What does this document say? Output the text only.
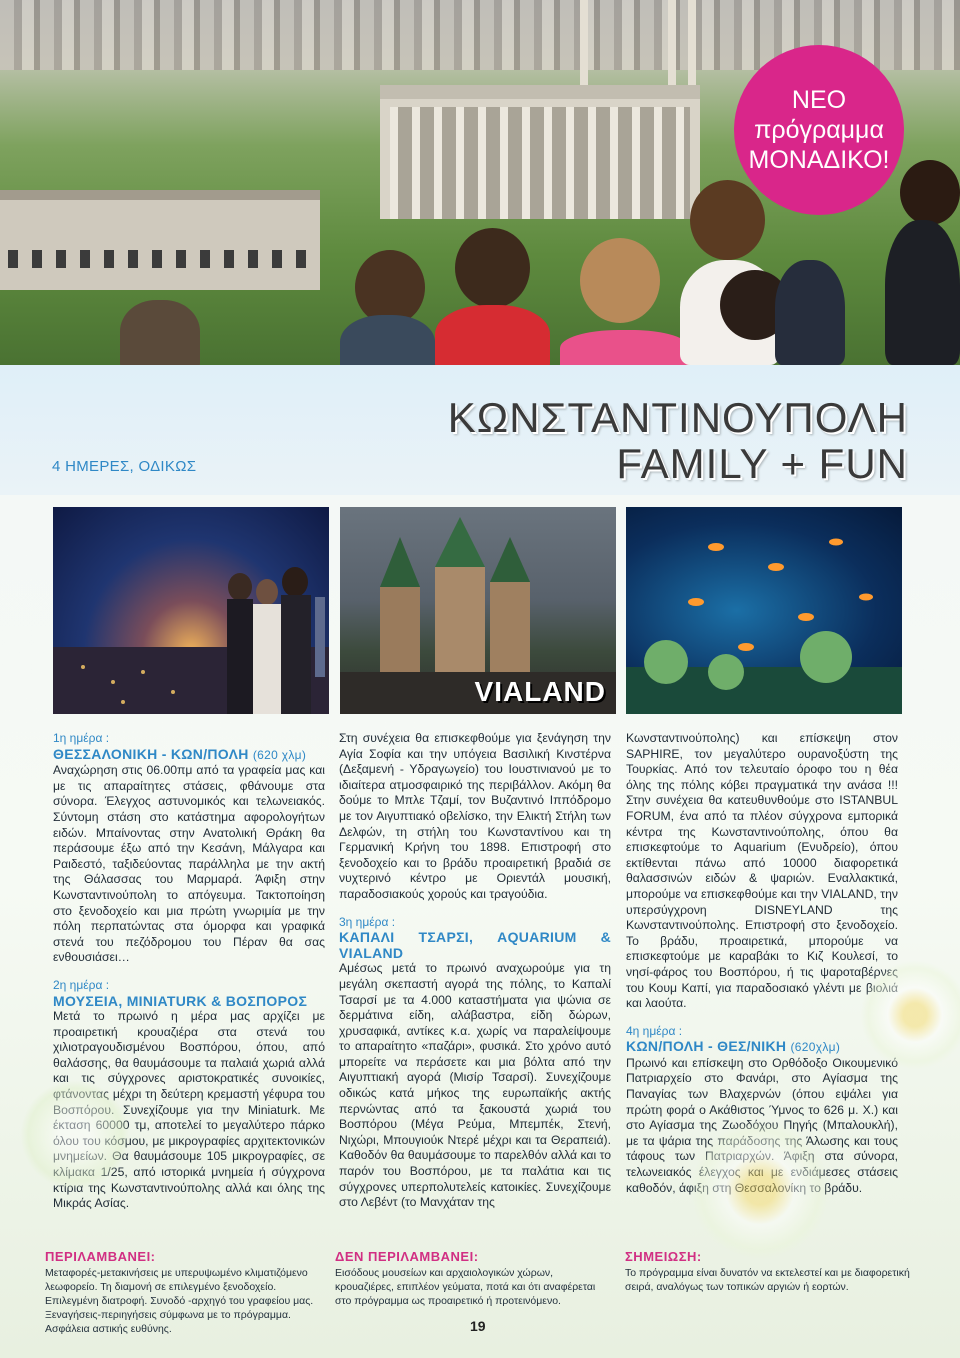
ΝΕΟ
πρόγραμμα
ΜΟΝΑΔΙΚΟ!
4 ΗΜΕΡΕΣ, ΟΔΙΚΩΣ
ΚΩΝΣΤΑΝΤΙΝΟΥΠΟΛΗ
FAMILY + FUN
VIALAND
1η ημέρα :
ΘΕΣΣΑΛΟΝΙΚΗ - ΚΩΝ/ΠΟΛΗ (620 χλμ)

Αναχώρηση στις 06.00πμ από τα γραφεία μας και με τις απαραίτητες στάσεις, φθάνουμε στα σύνορα. Έλεγχος αστυνομικός και τελωνειακός. Σύντομη στάση στο κατάστημα αφορολογήτων ειδών. Μπαίνοντας στην Ανατολική Θράκη θα περάσουμε έξω από την Κεσάνη, Μάλγαρα και Ραιδεστό, ταξιδεύοντας παράλληλα με την ακτή της Θάλασσας του Μαρμαρά. Άφιξη στην Κωνσταντινούπολη το απόγευμα. Τακτοποίηση στο ξενοδοχείο και μια πρώτη γνωριμία με την πόλη περπατώντας στα όμορφα και γραφικά στενά του πεζόδρομου του Πέραν θα σας ενθουσιάσει…

2η ημέρα :
ΜΟΥΣΕΙΑ, MINIATURK & ΒΟΣΠΟΡΟΣ

Μετά το πρωινό η μέρα μας αρχίζει με προαιρετική κρουαζιέρα στα στενά του χιλιοτραγουδισμένου Βοσπόρου, όπου, από θαλάσσης, θα θαυμάσουμε τα παλαιά χωριά αλλά και τις σύγχρονες αριστοκρατικές συνοικίες, φτάνοντας μέχρι τη δεύτερη κρεμαστή γέφυρα του Βοσπόρου. Συνεχίζουμε για την Miniaturk. Με έκταση 60000 τμ, αποτελεί το μεγαλύτερο πάρκο όλου του κόσμου, με μικρογραφίες αρχιτεκτονικών μνημείων. Θα θαυμάσουμε 105 μικρογραφίες, σε κλίμακα 1/25, από ιστορικά μνημεία ή σύγχρονα κτίρια της Κωνσταντινούπολης αλλά και όλης της Μικράς Ασίας.

Στη συνέχεια θα επισκεφθούμε για ξενάγηση την Αγία Σοφία και την υπόγεια Βασιλική Κινστέρνα (Δεξαμενή - Υδραγωγείο) του Ιουστινιανού με το ιδιαίτερα ατμοσφαιρικό της περιβάλλον. Ακόμη θα δούμε το Μπλε Τζαμί, τον Βυζαντινό Ιππόδρομο με τον Αιγυπτιακό οβελίσκο, την Ελικτή Στήλη των Δελφών, τη στήλη του Κωνσταντίνου και τη Γερμανική Κρήνη του 1898. Επιστροφή στο ξενοδοχείο και το βράδυ προαιρετική βραδιά σε νυχτερινό κέντρο με Οριεντάλ μουσική, παραδοσιακούς χορούς και τραγούδια.

3η ημέρα :
ΚΑΠΑΛΙ ΤΣΑΡΣΙ, AQUARIUM & VIALAND

Αμέσως μετά το πρωινό αναχωρούμε για τη μεγάλη σκεπαστή αγορά της πόλης, το Καπαλί Τσαρσί με τα 4.000 καταστήματα για ψώνια σε δερμάτινα είδη, αλάβαστρα, είδη δώρων, χρυσαφικά, αντίκες κ.α. χωρίς να παραλείψουμε το απαραίτητο «παζάρι», φυσικά. Στο χρόνο αυτό μπορείτε να περάσετε και μια βόλτα από την Αιγυπτιακή αγορά (Μισίρ Τσαρσί). Συνεχίζουμε οδικώς κατά μήκος της ευρωπαϊκής ακτής περνώντας από τα ξακουστά χωριά του Βοσπόρου (Μέγα Ρεύμα, Μπεμπέκ, Στενή, Νιχώρι, Μπουγιούκ Ντερέ μέχρι και τα Θεραπειά). Καθοδόν θα θαυμάσουμε το παρελθόν αλλά και το παρόν του Βοσπόρου, με τα παλάτια και τις σύγχρονες υπερπολυτελείς κατοικίες. Συνεχίζουμε στο Λεβέντ (το Μανχάταν της

Κωνσταντινούπολης) και επίσκεψη στον SAPHIRE, τον μεγαλύτερο ουρανοξύστη της Τουρκίας. Από τον τελευταίο όροφο του η θέα όλης της πόλης κόβει πραγματικά την ανάσα !!! Στην συνέχεια θα κατευθυνθούμε στο ISTANBUL FORUM, ένα από τα πλέον σύγχρονα εμπορικά κέντρα της Κωνσταντινούπολης, όπου θα επισκεφτούμε το Aquarium (Ενυδρείο), όπου εκτίθενται πάνω από 10000 διαφορετικά θαλασσινών ειδών & ψαριών. Εναλλακτικά, μπορούμε να επισκεφθούμε και την VIALAND, την υπερσύγχρονη DISNEYLAND της Κωνσταντινούπολης. Επιστροφή στο ξενοδοχείο. Το βράδυ, προαιρετικά, μπορούμε να επισκεφτούμε με καραβάκι το Κιζ Κουλεσί, το νησί-φάρος του Βοσπόρου, ή τις ψαροταβέρνες του Κουμ Καπί, για παραδοσιακό γλέντι με βιολιά και λαούτα.

4η ημέρα :
ΚΩΝ/ΠΟΛΗ - ΘΕΣ/ΝΙΚΗ (620χλμ)

Πρωινό και επίσκεψη στο Ορθόδοξο Οικουμενικό Πατριαρχείο στο Φανάρι, στο Αγίασμα της Παναγίας των Βλαχερνών (όπου εψάλει για πρώτη φορά ο Ακάθιστος Ύμνος το 626 μ. Χ.) και στο Αγίασμα της Ζωοδόχου Πηγής (Μπαλουκλή), με τα ψάρια της παράδοσης της Άλωσης και τους τάφους των Πατριαρχών. Άφιξη στα σύνορα, τελωνειακός έλεγχος και με ενδιάμεσες στάσεις καθοδόν, άφιξη στη Θεσσαλονίκη το βράδυ.

ΠΕΡΙΛΑΜΒΑΝΕΙ:
Μεταφορές-μετακινήσεις με υπερυψωμένο κλιματιζόμενο λεωφορείο. Τη διαμονή σε επιλεγμένο ξενοδοχείο. Επιλεγμένη διατροφή. Συνοδό -αρχηγό του γραφείου μας. Ξεναγήσεις-περιηγήσεις σύμφωνα με το πρόγραμμα. Ασφάλεια αστικής ευθύνης.
ΔΕΝ ΠΕΡΙΛΑΜΒΑΝΕΙ:
Εισόδους μουσείων και αρχαιολογικών χώρων, κρουαζιέρες, επιπλέον γεύματα, ποτά και ότι αναφέρεται στο πρόγραμμα ως προαιρετικό ή προτεινόμενο.
ΣΗΜΕΙΩΣΗ:
Το πρόγραμμα είναι δυνατόν να εκτελεστεί και με διαφορετική σειρά, αναλόγως των τοπικών αργιών ή εορτών.
19
